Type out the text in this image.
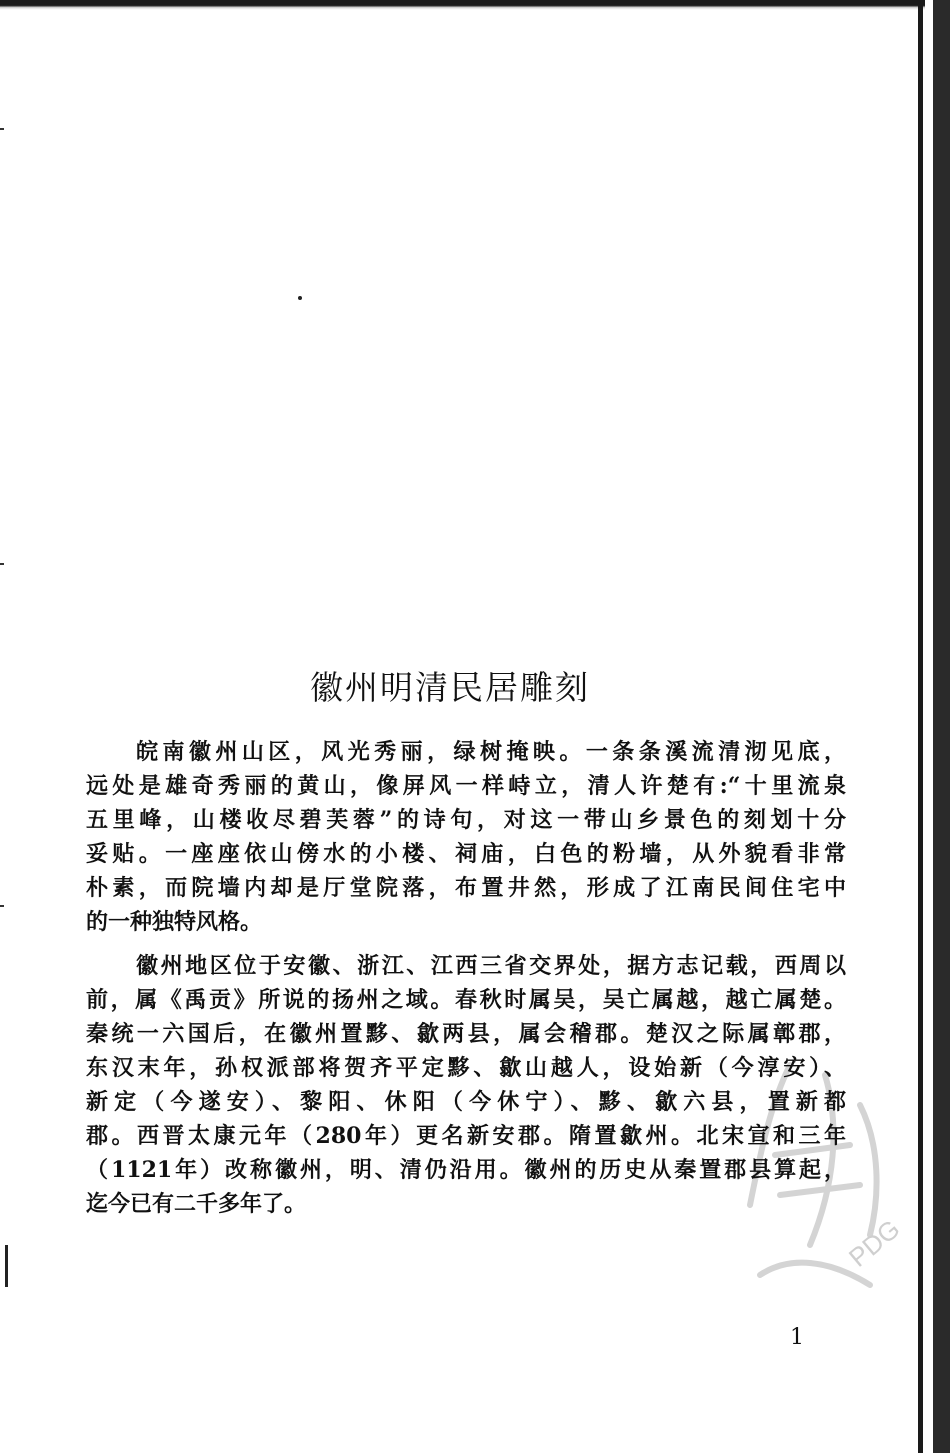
PDG
徽州明清民居雕刻
皖南徽州山区，风光秀丽，绿树掩映。一条条溪流清沏见底，
远处是雄奇秀丽的黄山，像屏风一样峙立，清人许楚有:“十里流泉
五里峰，山楼收尽碧芙蓉”的诗句，对这一带山乡景色的刻划十分
妥贴。一座座依山傍水的小楼、祠庙，白色的粉墙，从外貌看非常
朴素，而院墙内却是厅堂院落，布置井然，形成了江南民间住宅中
的一种独特风格。
徽州地区位于安徽、浙江、江西三省交界处，据方志记载，西周以
前，属《禹贡》所说的扬州之域。春秋时属吴，吴亡属越，越亡属楚。
秦统一六国后，在徽州置黟、歙两县，属会稽郡。楚汉之际属鄣郡，
东汉末年，孙权派部将贺齐平定黟、歙山越人，设始新（今淳安）、
新定（今遂安）、黎阳、休阳（今休宁）、黟、歙六县，置新都
郡。西晋太康元年（280年）更名新安郡。隋置歙州。北宋宣和三年
（1121年）改称徽州，明、清仍沿用。徽州的历史从秦置郡县算起，
迄今已有二千多年了。
1
